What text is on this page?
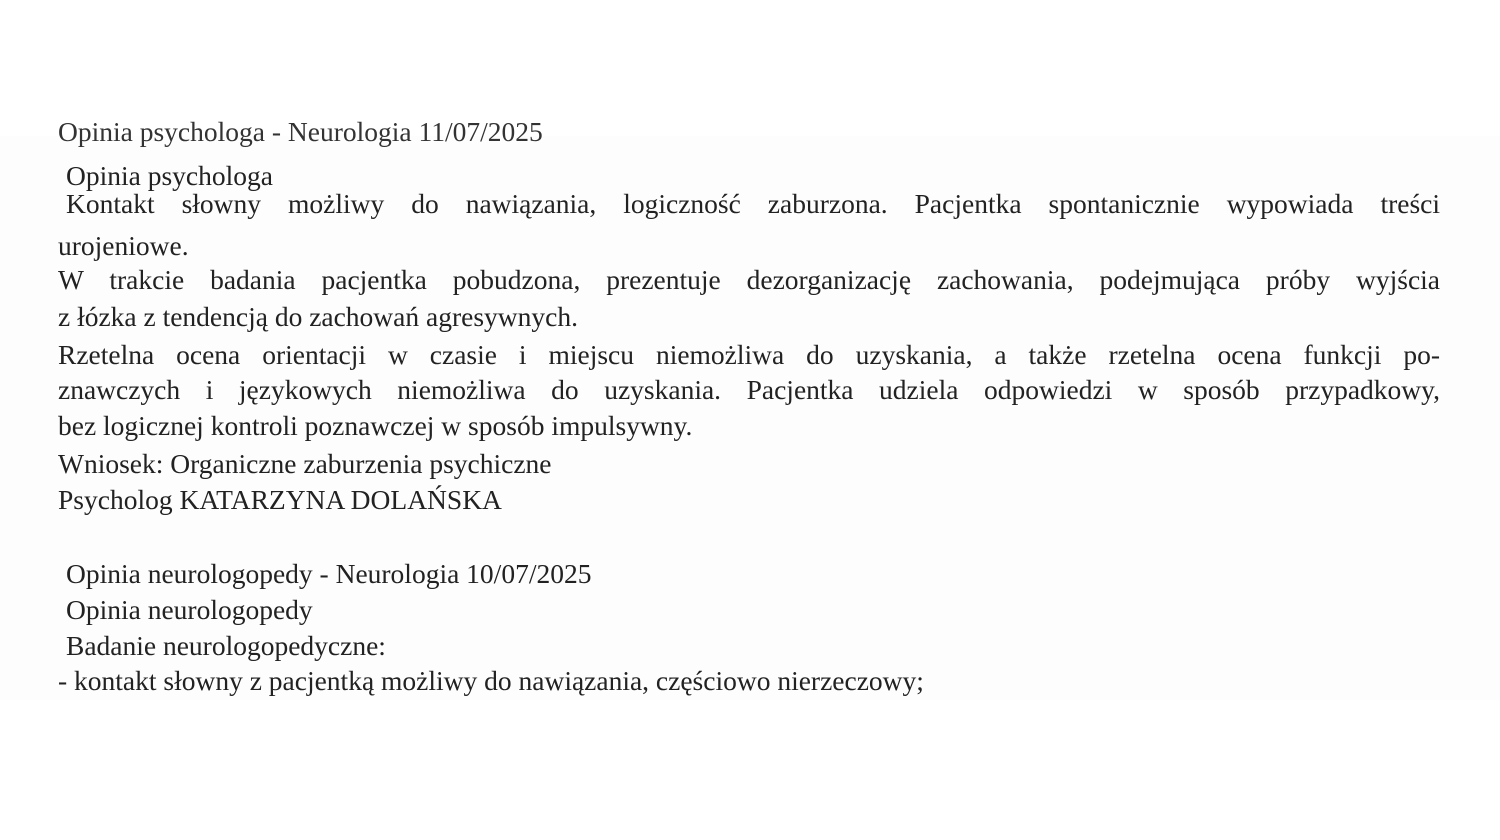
Opinia psychologa - Neurologia 11/07/2025
Opinia psychologa
Kontakt słowny możliwy do nawiązania, logiczność zaburzona. Pacjentka spontanicznie wypowiada treści
urojeniowe.
W trakcie badania pacjentka pobudzona, prezentuje dezorganizację zachowania, podejmująca próby wyjścia
z łózka z tendencją do zachowań agresywnych.
Rzetelna ocena orientacji w czasie i miejscu niemożliwa do uzyskania, a także rzetelna ocena funkcji po-
znawczych i językowych niemożliwa do uzyskania. Pacjentka udziela odpowiedzi w sposób przypadkowy,
bez logicznej kontroli poznawczej w sposób impulsywny.
Wniosek: Organiczne zaburzenia psychiczne
Psycholog KATARZYNA DOLAŃSKA
Opinia neurologopedy - Neurologia 10/07/2025
Opinia neurologopedy
Badanie neurologopedyczne:
- kontakt słowny z pacjentką możliwy do nawiązania, częściowo nierzeczowy;
